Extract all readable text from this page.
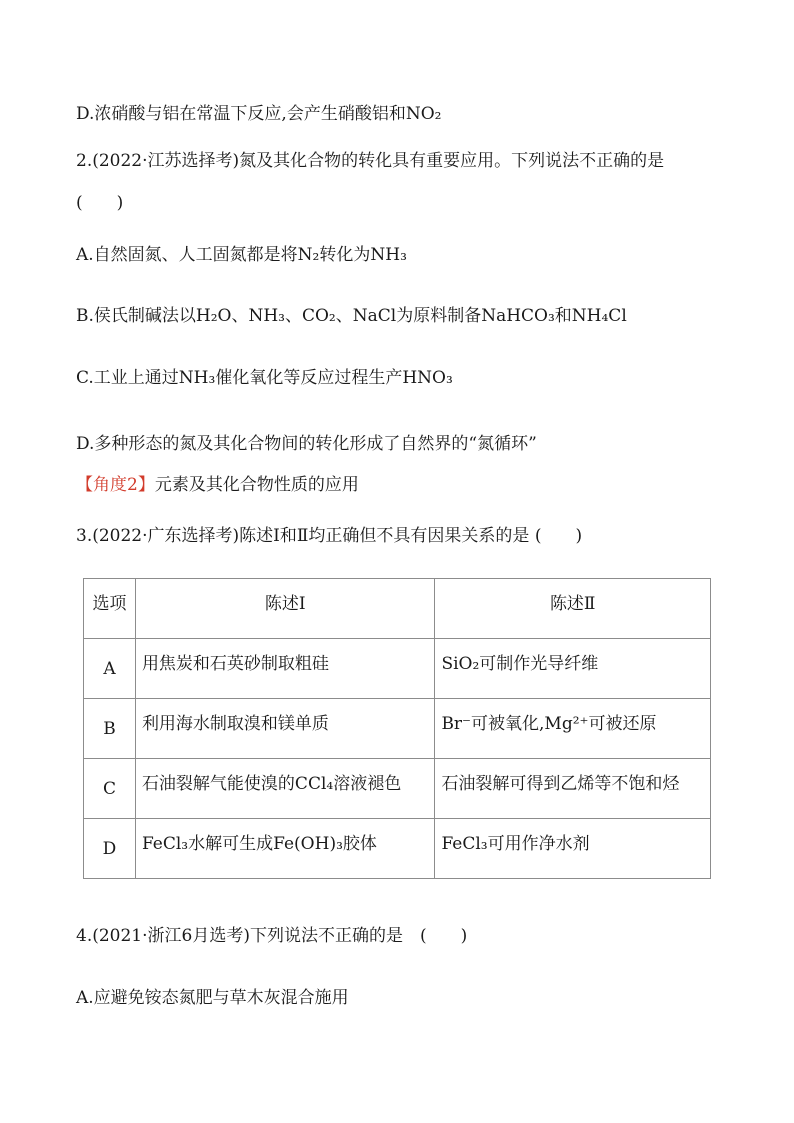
D.浓硝酸与铝在常温下反应,会产生硝酸铝和NO₂
2.(2022·江苏选择考)氮及其化合物的转化具有重要应用。下列说法不正确的是
(　　)
A.自然固氮、人工固氮都是将N₂转化为NH₃
B.侯氏制碱法以H₂O、NH₃、CO₂、NaCl为原料制备NaHCO₃和NH₄Cl
C.工业上通过NH₃催化氧化等反应过程生产HNO₃
D.多种形态的氮及其化合物间的转化形成了自然界的“氮循环”
【角度2】元素及其化合物性质的应用
3.(2022·广东选择考)陈述Ⅰ和Ⅱ均正确但不具有因果关系的是 (　　)
选项	陈述Ⅰ	陈述Ⅱ
A	用焦炭和石英砂制取粗硅	SiO₂可制作光导纤维
B	利用海水制取溴和镁单质	Br⁻可被氧化,Mg²⁺可被还原
C	石油裂解气能使溴的CCl₄溶液褪色	石油裂解可得到乙烯等不饱和烃
D	FeCl₃水解可生成Fe(OH)₃胶体	FeCl₃可用作净水剂
4.(2021·浙江6月选考)下列说法不正确的是　(　　)
A.应避免铵态氮肥与草木灰混合施用
